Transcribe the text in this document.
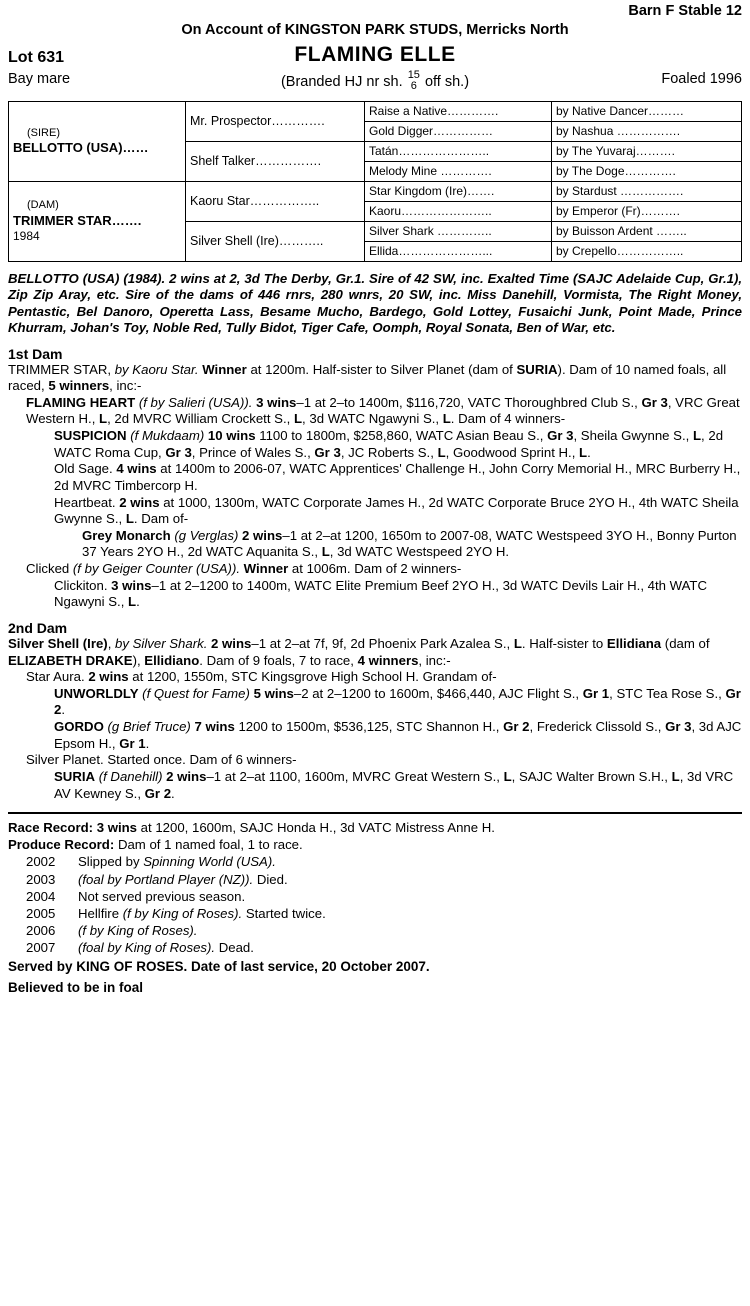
Barn F Stable 12
On Account of KINGSTON PARK STUDS, Merricks North
Lot 631	FLAMING ELLE
Bay mare	(Branded HJ nr sh. 15
6 off sh.)	Foaled 1996
(SIRE)
BELLOTTO (USA)……	Mr. Prospector………….	Raise a Native………….	by Native Dancer………
		Gold Digger……………	by Nashua …………….
	Shelf Talker…………….	Tatán…………………..	by The Yuvaraj……….
		Melody Mine ………….	by The Doge………….

(DAM)
TRIMMER STAR…….
1984	Kaoru Star……………..	Star Kingdom (Ire)…….	by Stardust …………….
		Kaoru…………………..	by Emperor (Fr)……….
	Silver Shell (Ire)………..	Silver Shark …………..	by Buisson Ardent ……..
		Ellida…………………...	by Crepello……………..
BELLOTTO (USA) (1984). 2 wins at 2, 3d The Derby, Gr.1. Sire of 42 SW, inc. Exalted Time (SAJC Adelaide Cup, Gr.1), Zip Zip Aray, etc. Sire of the dams of 446 rnrs, 280 wnrs, 20 SW, inc. Miss Danehill, Vormista, The Right Money, Pentastic, Bel Danoro, Operetta Lass, Besame Mucho, Bardego, Gold Lottey, Fusaichi Junk, Point Made, Prince Khurram, Johan's Toy, Noble Red, Tully Bidot, Tiger Cafe, Oomph, Royal Sonata, Ben of War, etc.
1st Dam

TRIMMER STAR, by Kaoru Star. Winner at 1200m. Half-sister to Silver Planet (dam of SURIA). Dam of 10 named foals, all raced, 5 winners, inc:-

FLAMING HEART (f by Salieri (USA)). 3 wins–1 at 2–to 1400m, $116,720, VATC Thoroughbred Club S., Gr 3, VRC Great Western H., L, 2d MVRC William Crockett S., L, 3d WATC Ngawyni S., L. Dam of 4 winners-

SUSPICION (f Mukdaam) 10 wins 1100 to 1800m, $258,860, WATC Asian Beau S., Gr 3, Sheila Gwynne S., L, 2d WATC Roma Cup, Gr 3, Prince of Wales S., Gr 3, JC Roberts S., L, Goodwood Sprint H., L.

Old Sage. 4 wins at 1400m to 2006-07, WATC Apprentices' Challenge H., John Corry Memorial H., MRC Burberry H., 2d MVRC Timbercorp H.

Heartbeat. 2 wins at 1000, 1300m, WATC Corporate James H., 2d WATC Corporate Bruce 2YO H., 4th WATC Sheila Gwynne S., L. Dam of-

Grey Monarch (g Verglas) 2 wins–1 at 2–at 1200, 1650m to 2007-08, WATC Westspeed 3YO H., Bonny Purton 37 Years 2YO H., 2d WATC Aquanita S., L, 3d WATC Westspeed 2YO H.

Clicked (f by Geiger Counter (USA)). Winner at 1006m. Dam of 2 winners-

Clickiton. 3 wins–1 at 2–1200 to 1400m, WATC Elite Premium Beef 2YO H., 3d WATC Devils Lair H., 4th WATC Ngawyni S., L.

2nd Dam

Silver Shell (Ire), by Silver Shark. 2 wins–1 at 2–at 7f, 9f, 2d Phoenix Park Azalea S., L. Half-sister to Ellidiana (dam of ELIZABETH DRAKE), Ellidiano. Dam of 9 foals, 7 to race, 4 winners, inc:-

Star Aura. 2 wins at 1200, 1550m, STC Kingsgrove High School H. Grandam of-

UNWORLDLY (f Quest for Fame) 5 wins–2 at 2–1200 to 1600m, $466,440, AJC Flight S., Gr 1, STC Tea Rose S., Gr 2.

GORDO (g Brief Truce) 7 wins 1200 to 1500m, $536,125, STC Shannon H., Gr 2, Frederick Clissold S., Gr 3, 3d AJC Epsom H., Gr 1.

Silver Planet. Started once. Dam of 6 winners-

SURIA (f Danehill) 2 wins–1 at 2–at 1100, 1600m, MVRC Great Western S., L, SAJC Walter Brown S.H., L, 3d VRC AV Kewney S., Gr 2.

Race Record: 3 wins at 1200, 1600m, SAJC Honda H., 3d VATC Mistress Anne H.
Produce Record: Dam of 1 named foal, 1 to race.
2002	Slipped by Spinning World (USA).
2003	(foal by Portland Player (NZ)). Died.
2004	Not served previous season.
2005	Hellfire (f by King of Roses). Started twice.
2006	(f by King of Roses).
2007	(foal by King of Roses). Dead.
Served by KING OF ROSES. Date of last service, 20 October 2007.
Believed to be in foal
